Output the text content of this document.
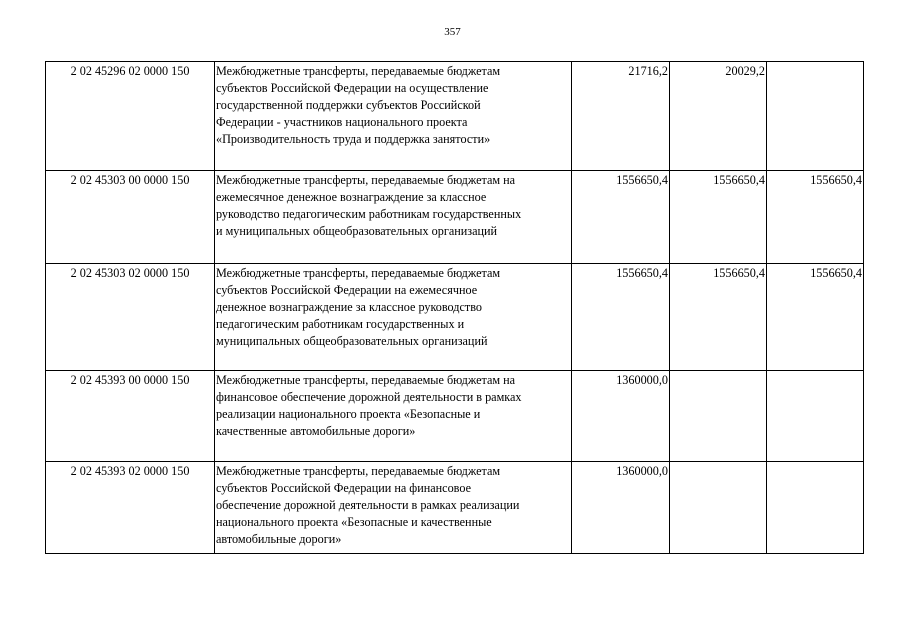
357
2 02 45296 02 0000 150	Межбюджетные трансферты, передаваемые бюджетам
субъектов Российской Федерации на осуществление
государственной поддержки субъектов Российской
Федерации - участников национального проекта
«Производительность труда и поддержка занятости»	21716,2	20029,2	
2 02 45303 00 0000 150	Межбюджетные трансферты, передаваемые бюджетам на
ежемесячное денежное вознаграждение за классное
руководство педагогическим работникам государственных
и муниципальных общеобразовательных организаций	1556650,4	1556650,4	1556650,4
2 02 45303 02 0000 150	Межбюджетные трансферты, передаваемые бюджетам
субъектов Российской Федерации на ежемесячное
денежное вознаграждение за классное руководство
педагогическим работникам государственных и
муниципальных общеобразовательных организаций	1556650,4	1556650,4	1556650,4
2 02 45393 00 0000 150	Межбюджетные трансферты, передаваемые бюджетам на
финансовое обеспечение дорожной деятельности в рамках
реализации национального проекта «Безопасные и
качественные автомобильные дороги»	1360000,0		
2 02 45393 02 0000 150	Межбюджетные трансферты, передаваемые бюджетам
субъектов Российской Федерации на финансовое
обеспечение дорожной деятельности в рамках реализации
национального проекта «Безопасные и качественные
автомобильные дороги»	1360000,0		
